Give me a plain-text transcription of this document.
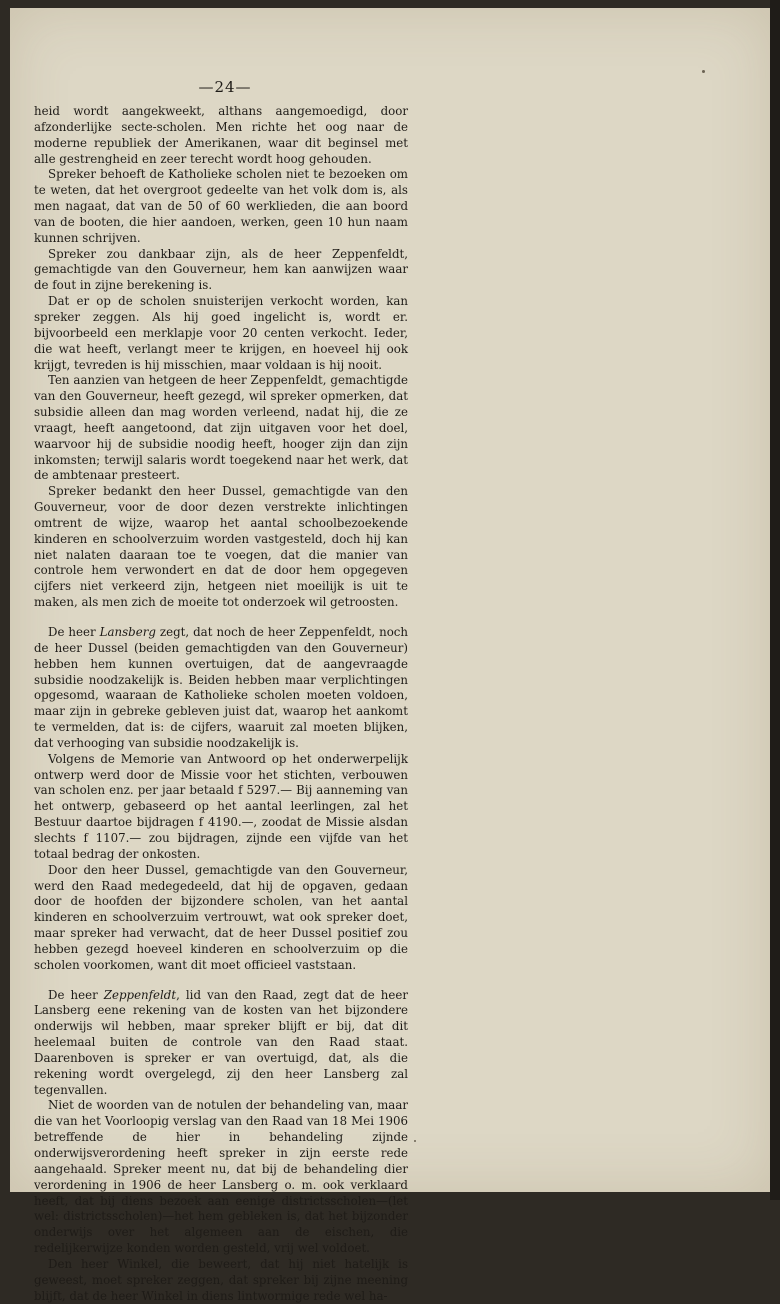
—24—

heid wordt aangekweekt, althans aangemoedigd, door afzonderlijke secte-scholen. Men richte het oog naar de moderne republiek der Amerikanen, waar dit beginsel met alle gestrengheid en zeer terecht wordt hoog gehouden.

Spreker behoeft de Katholieke scholen niet te bezoeken om te weten, dat het overgroot gedeelte van het volk dom is, als men nagaat, dat van de 50 of 60 werklieden, die aan boord van de booten, die hier aandoen, werken, geen 10 hun naam kunnen schrijven.

Spreker zou dankbaar zijn, als de heer Zeppenfeldt, gemachtigde van den Gouverneur, hem kan aanwijzen waar de fout in zijne berekening is.

Dat er op de scholen snuisterijen verkocht worden, kan spreker zeggen. Als hij goed ingelicht is, wordt er. bijvoorbeeld een merklapje voor 20 centen verkocht. Ieder, die wat heeft, verlangt meer te krijgen, en hoeveel hij ook krijgt, tevreden is hij misschien, maar voldaan is hij nooit.

Ten aanzien van hetgeen de heer Zeppenfeldt, gemachtigde van den Gouverneur, heeft gezegd, wil spreker opmerken, dat subsidie alleen dan mag worden verleend, nadat hij, die ze vraagt, heeft aangetoond, dat zijn uitgaven voor het doel, waarvoor hij de subsidie noodig heeft, hooger zijn dan zijn inkomsten; terwijl salaris wordt toegekend naar het werk, dat de ambtenaar presteert.

Spreker bedankt den heer Dussel, gemachtigde van den Gouverneur, voor de door dezen verstrekte inlichtingen omtrent de wijze, waarop het aantal schoolbezoekende kinderen en schoolverzuim worden vastgesteld, doch hij kan niet nalaten daaraan toe te voegen, dat die manier van controle hem verwondert en dat de door hem opgegeven cijfers niet verkeerd zijn, hetgeen niet moeilijk is uit te maken, als men zich de moeite tot onderzoek wil getroosten.

De heer Lansberg zegt, dat noch de heer Zeppenfeldt, noch de heer Dussel (beiden gemachtigden van den Gouverneur) hebben hem kunnen overtuigen, dat de aangevraagde subsidie noodzakelijk is. Beiden hebben maar verplichtingen opgesomd, waaraan de Katholieke scholen moeten voldoen, maar zijn in gebreke gebleven juist dat, waarop het aankomt te vermelden, dat is: de cijfers, waaruit zal moeten blijken, dat verhooging van subsidie noodzakelijk is.

Volgens de Memorie van Antwoord op het onderwerpelijk ontwerp werd door de Missie voor het stichten, verbouwen van scholen enz. per jaar betaald f 5297.— Bij aanneming van het ontwerp, gebaseerd op het aantal leerlingen, zal het Bestuur daartoe bijdragen f 4190.—, zoodat de Missie alsdan slechts f 1107.— zou bijdragen, zijnde een vijfde van het totaal bedrag der onkosten.

Door den heer Dussel, gemachtigde van den Gouverneur, werd den Raad medegedeeld, dat hij de opgaven, gedaan door de hoofden der bijzondere scholen, van het aantal kinderen en schoolverzuim vertrouwt, wat ook spreker doet, maar spreker had verwacht, dat de heer Dussel positief zou hebben gezegd hoeveel kinderen en schoolverzuim op die scholen voorkomen, want dit moet officieel vaststaan.

De heer Zeppenfeldt, lid van den Raad, zegt dat de heer Lansberg eene rekening van de kosten van het bijzondere onderwijs wil hebben, maar spreker blijft er bij, dat dit heelemaal buiten de controle van den Raad staat. Daarenboven is spreker er van overtuigd, dat, als die rekening wordt overgelegd, zij den heer Lansberg zal tegenvallen.

Niet de woorden van de notulen der behandeling van, maar die van het Voorloopig verslag van den Raad van 18 Mei 1906 betreffende de hier in behandeling zijnde onderwijsverordening heeft spreker in zijn eerste rede aangehaald. Spreker meent nu, dat bij de behandeling dier verordening in 1906 de heer Lansberg o. m. ook verklaard heeft, dat bij diens bezoek aan eenige districtsscholen—(let wel: districtsscholen)—het hem gebleken is, dat het bijzonder onderwijs over het algemeen aan de eischen, die redelijkerwijze konden worden gesteld, vrij wel voldoet.

Den heer Winkel, die beweert, dat hij niet hatelijk is geweest, moet spreker zeggen, dat spreker bij zijne meening blijft, dat de heer Winkel in diens lintwormige rede wel ha-
